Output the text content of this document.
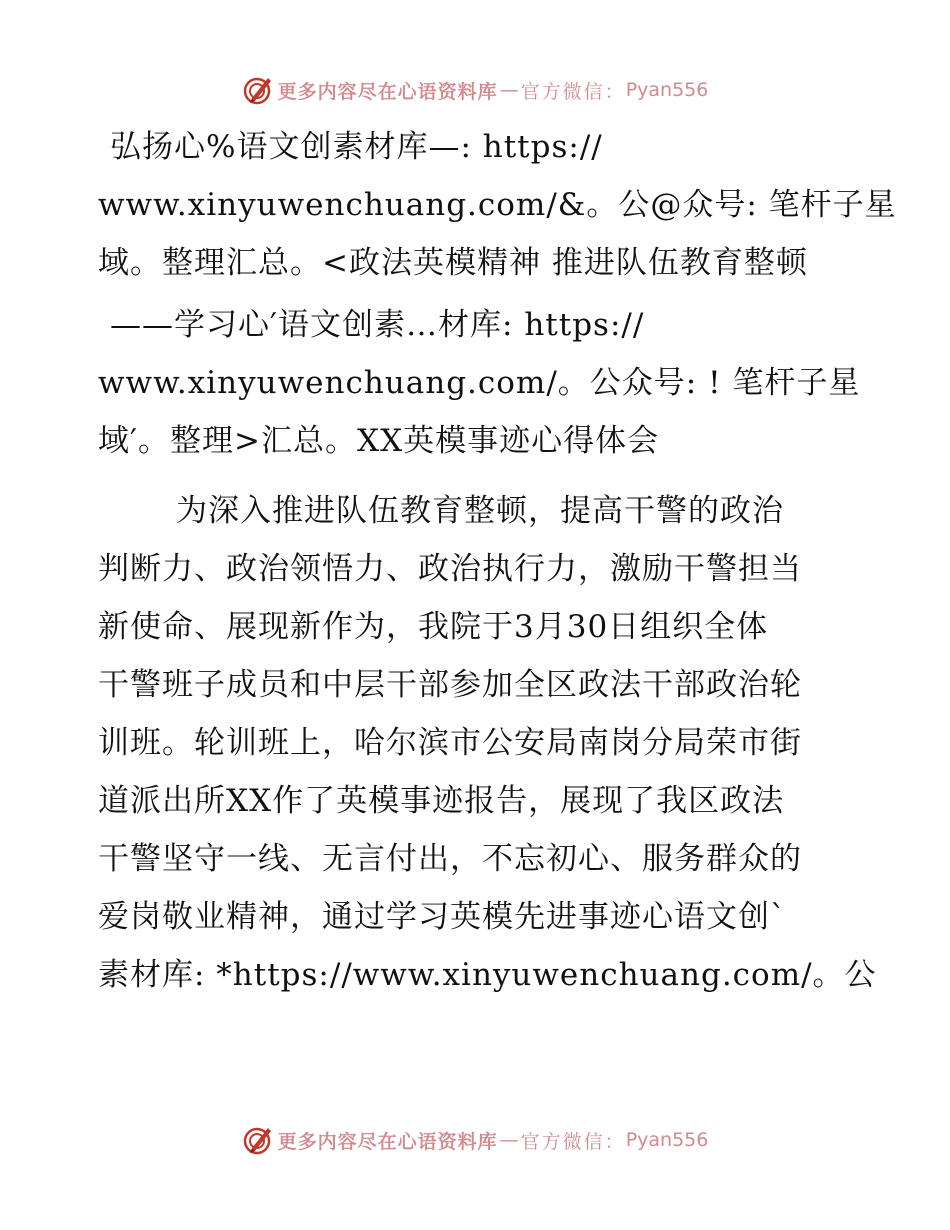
更多内容尽在心语资料库 — 官方微信： Pyan556
弘扬心%语文创素材库—: https://
www.xinyuwenchuang.com/&。公@众号: 笔杆子星
域。整理汇总。<政法英模精神 推进队伍教育整顿
——学习心′语文创素…材库: https://
www.xinyuwenchuang.com/。公众号: ! 笔杆子星
域′。整理>汇总。XX英模事迹心得体会
为深入推进队伍教育整顿，提高干警的政治
判断力、政治领悟力、政治执行力，激励干警担当
新使命、展现新作为，我院于3月30日组织全体
干警班子成员和中层干部参加全区政法干部政治轮
训班。轮训班上，哈尔滨市公安局南岗分局荣市街
道派出所XX作了英模事迹报告，展现了我区政法
干警坚守一线、无言付出，不忘初心、服务群众的
爱岗敬业精神，通过学习英模先进事迹心语文创`
素材库: *https://www.xinyuwenchuang.com/。公
更多内容尽在心语资料库 — 官方微信： Pyan556
